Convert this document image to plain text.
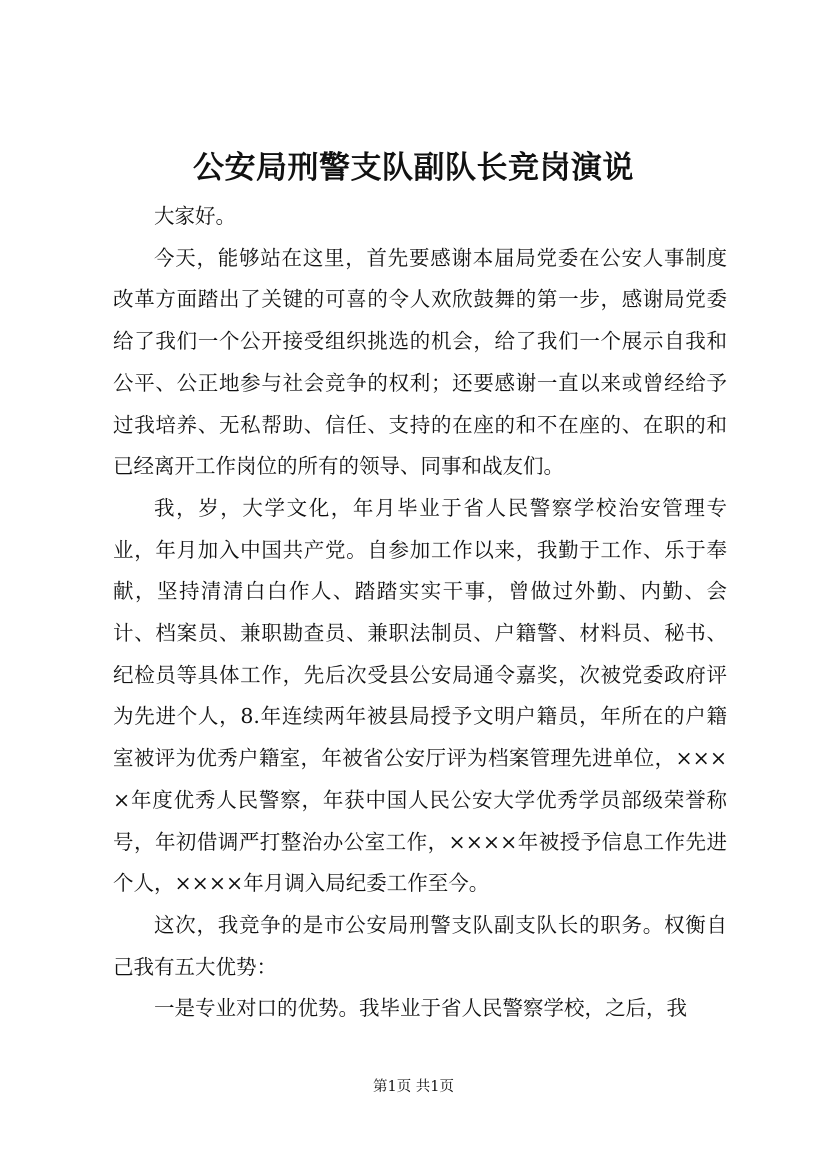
公安局刑警支队副队长竞岗演说

大家好。

今天，能够站在这里，首先要感谢本届局党委在公安人事制度改革方面踏出了关键的可喜的令人欢欣鼓舞的第一步，感谢局党委给了我们一个公开接受组织挑选的机会，给了我们一个展示自我和公平、公正地参与社会竞争的权利；还要感谢一直以来或曾经给予过我培养、无私帮助、信任、支持的在座的和不在座的、在职的和已经离开工作岗位的所有的领导、同事和战友们。

我，岁，大学文化，年月毕业于省人民警察学校治安管理专业，年月加入中国共产党。自参加工作以来，我勤于工作、乐于奉献，坚持清清白白作人、踏踏实实干事，曾做过外勤、内勤、会计、档案员、兼职勘查员、兼职法制员、户籍警、材料员、秘书、纪检员等具体工作，先后次受县公安局通令嘉奖，次被党委政府评为先进个人，8.年连续两年被县局授予文明户籍员，年所在的户籍室被评为优秀户籍室，年被省公安厅评为档案管理先进单位，××××年度优秀人民警察，年获中国人民公安大学优秀学员部级荣誉称号，年初借调严打整治办公室工作，××××年被授予信息工作先进个人，××××年月调入局纪委工作至今。

这次，我竞争的是市公安局刑警支队副支队长的职务。权衡自己我有五大优势：

一是专业对口的优势。我毕业于省人民警察学校，之后，我

第1页 共1页
